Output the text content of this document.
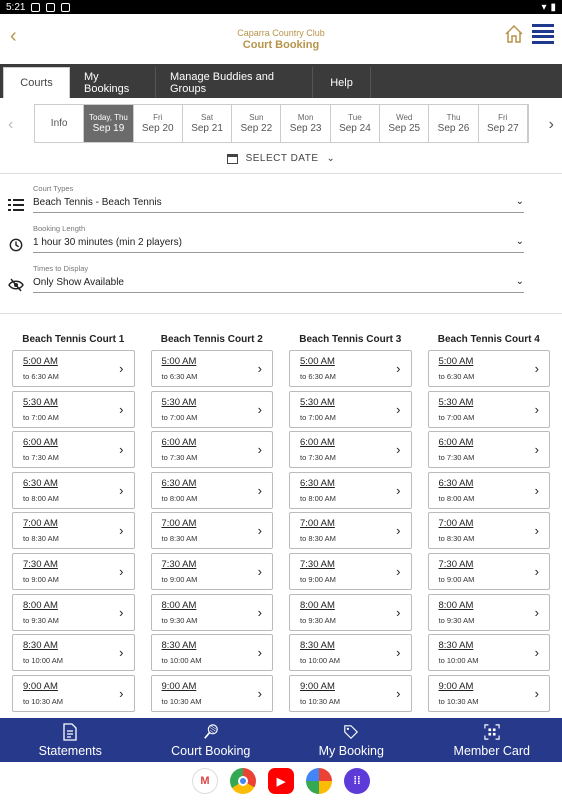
5:21	▾ ▮
‹	Caparra Country Club
Court Booking
Courts
My Bookings
Manage Buddies and Groups	Help
‹	Info
Today, Thu
Sep 19
Fri
Sep 20
Sat
Sep 21
Sun
Sep 22
Mon
Sep 23
Tue
Sep 24
Wed
Sep 25
Thu
Sep 26
Fri
Sep 27 ›
SELECT DATE ⌄
Court Types
Beach Tennis - Beach Tennis	⌄
Booking Length
1 hour 30 minutes (min 2 players)	⌄
Times to Display
Only Show Available	⌄
Beach Tennis Court 1
5:00 AM
to 6:30 AM
›
5:30 AM
to 7:00 AM
›
6:00 AM
to 7:30 AM
›
6:30 AM
to 8:00 AM
›
7:00 AM
to 8:30 AM
›
7:30 AM
to 9:00 AM
›
8:00 AM
to 9:30 AM
›
8:30 AM
to 10:00 AM
›
9:00 AM
to 10:30 AM
›
Beach Tennis Court 2
5:00 AM
to 6:30 AM
›
5:30 AM
to 7:00 AM
›
6:00 AM
to 7:30 AM
›
6:30 AM
to 8:00 AM
›
7:00 AM
to 8:30 AM
›
7:30 AM
to 9:00 AM
›
8:00 AM
to 9:30 AM
›
8:30 AM
to 10:00 AM
›
9:00 AM
to 10:30 AM
›
Beach Tennis Court 3
5:00 AM
to 6:30 AM
›
5:30 AM
to 7:00 AM
›
6:00 AM
to 7:30 AM
›
6:30 AM
to 8:00 AM
›
7:00 AM
to 8:30 AM
›
7:30 AM
to 9:00 AM
›
8:00 AM
to 9:30 AM
›
8:30 AM
to 10:00 AM
›
9:00 AM
to 10:30 AM
›
Beach Tennis Court 4
5:00 AM
to 6:30 AM
›
5:30 AM
to 7:00 AM
›
6:00 AM
to 7:30 AM
›
6:30 AM
to 8:00 AM
›
7:00 AM
to 8:30 AM
›
7:30 AM
to 9:00 AM
›
8:00 AM
to 9:30 AM
›
8:30 AM
to 10:00 AM
›
9:00 AM
to 10:30 AM
›
Statements	Court Booking	My Booking	Member Card
M	▶	⁞⁞
